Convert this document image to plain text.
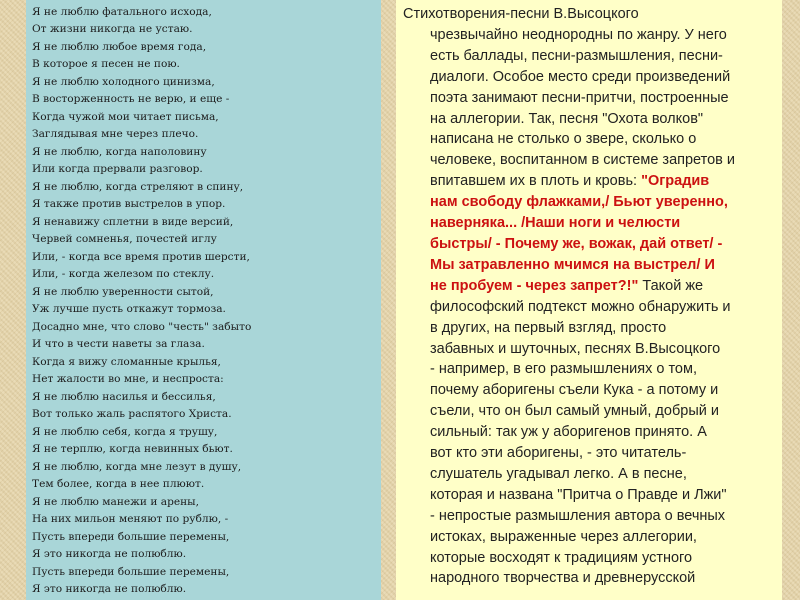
Я не люблю фатального исхода,
От жизни никогда не устаю.
Я не люблю любое время года,
В которое я песен не пою.
Я не люблю холодного цинизма,
В восторженность не верю, и еще -
Когда чужой мои читает письма,
Заглядывая мне через плечо.
Я не люблю, когда наполовину
Или когда прервали разговор.
Я не люблю, когда стреляют в спину,
Я также против выстрелов в упор.
Я ненавижу сплетни в виде версий,
Червей сомненья, почестей иглу
Или, - когда все время против шерсти,
Или, - когда железом по стеклу.
Я не люблю уверенности сытой,
Уж лучше пусть откажут тормоза.
Досадно мне, что слово "честь" забыто
И что в чести наветы за глаза.
Когда я вижу сломанные крылья,
Нет жалости во мне, и неспроста:
Я не люблю насилья и бессилья,
Вот только жаль распятого Христа.
Я не люблю себя, когда я трушу,
Я не терплю, когда невинных бьют.
Я не люблю, когда мне лезут в душу,
Тем более, когда в нее плюют.
Я не люблю манежи и арены,
На них мильон меняют по рублю, -
Пусть впереди большие перемены,
Я это никогда не полюблю.
Пусть впереди большие перемены,
Я это никогда не полюблю.
Стихотворения-песни В.Высоцкого
чрезвычайно неоднородны по жанру. У него
есть баллады, песни-размышления, песни-
диалоги. Особое место среди произведений
поэта занимают песни-притчи, построенные
на аллегории. Так, песня "Охота волков"
написана не столько о звере, сколько о
человеке, воспитанном в системе запретов и
впитавшем их в плоть и кровь: "Оградив
нам свободу флажками,/ Бьют уверенно,
наверняка... /Наши ноги и челюсти
быстры/ - Почему же, вожак, дай ответ/ -
Мы затравленно мчимся на выстрел/ И
не пробуем - через запрет?!" Такой же
философский подтекст можно обнаружить и
в других, на первый взгляд, просто
забавных и шуточных, песнях В.Высоцкого
- например, в его размышлениях о том,
почему аборигены съели Кука - а потому и
съели, что он был самый умный, добрый и
сильный: так уж у аборигенов принято. А
вот кто эти аборигены, - это читатель-
слушатель угадывал легко. А в песне,
которая и названа "Притча о Правде и Лжи"
- непростые размышления автора о вечных
истоках, выраженные через аллегории,
которые восходят к традициям устного
народного творчества и древнерусской
